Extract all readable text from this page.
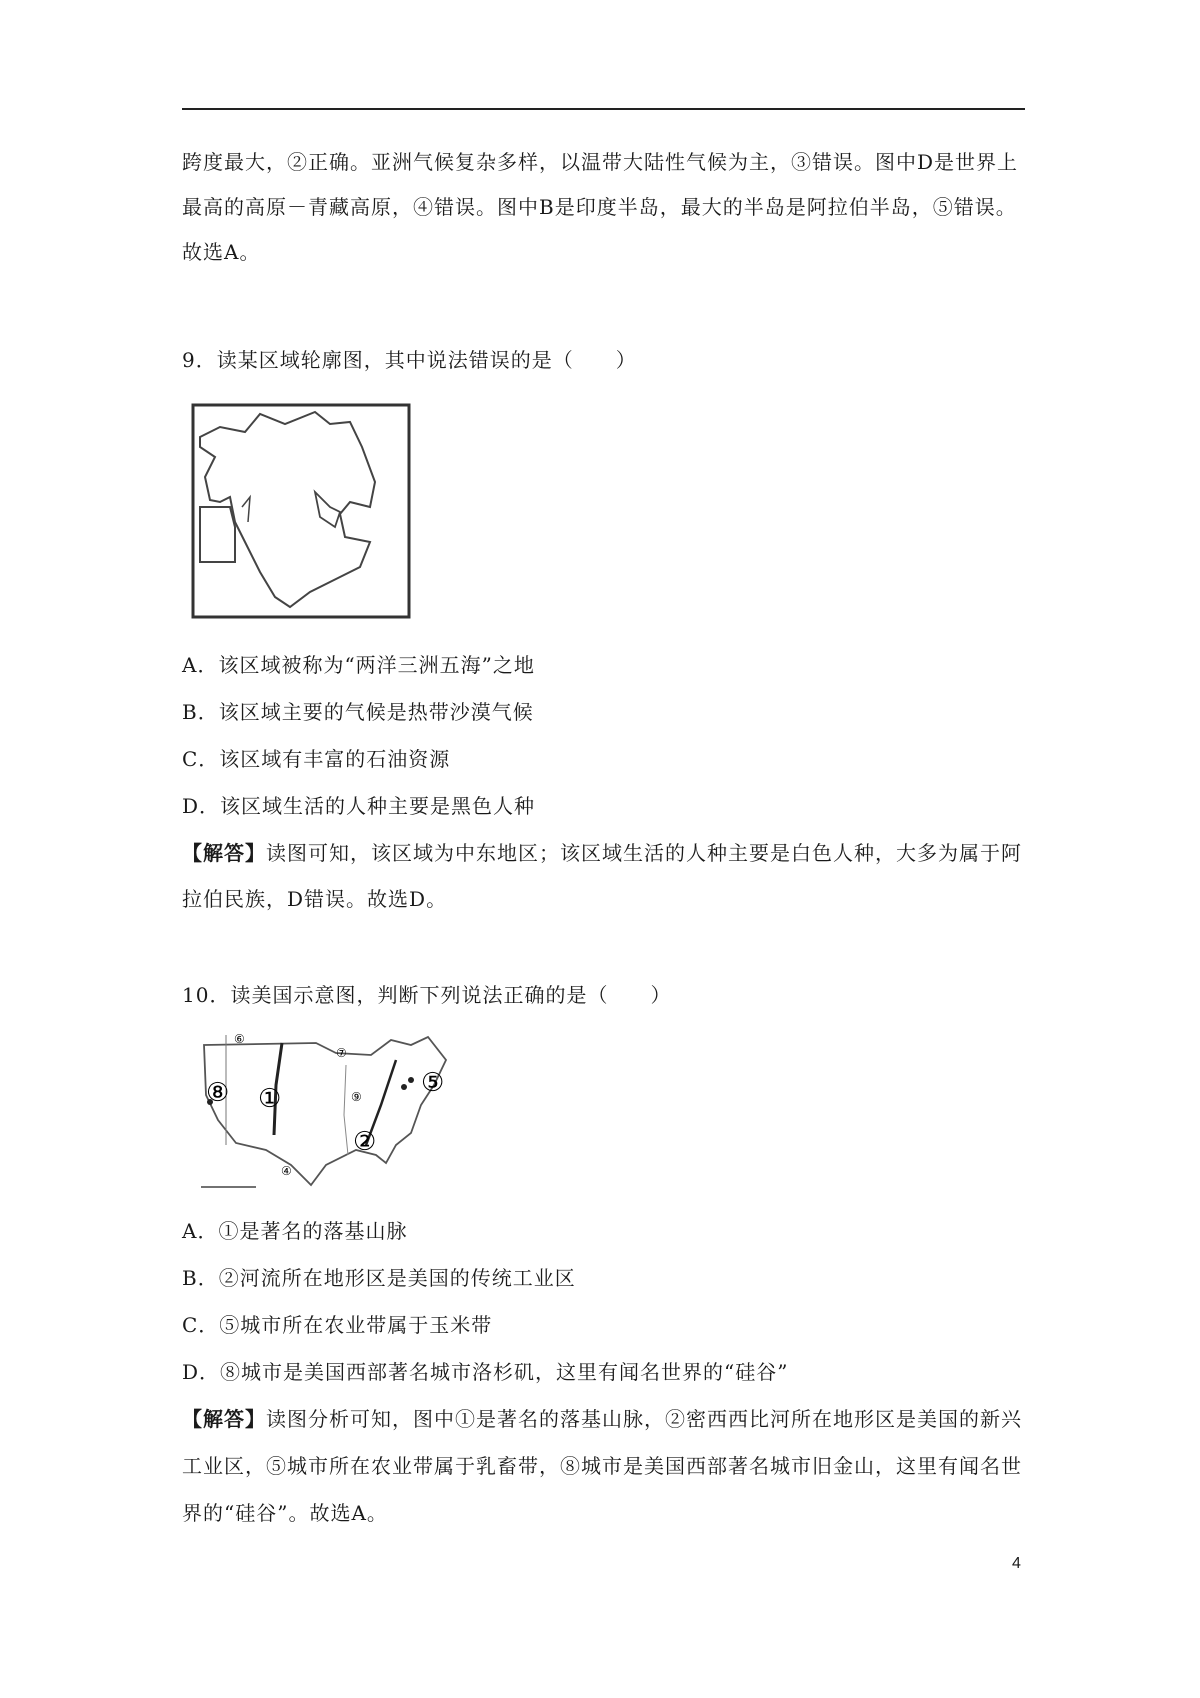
跨度最大，②正确。亚洲气候复杂多样，以温带大陆性气候为主，③错误。图中D是世界上
最高的高原－青藏高原，④错误。图中B是印度半岛，最大的半岛是阿拉伯半岛，⑤错误。
故选A。
9．读某区域轮廓图，其中说法错误的是（　　）
A．该区域被称为“两洋三洲五海”之地
B．该区域主要的气候是热带沙漠气候
C．该区域有丰富的石油资源
D．该区域生活的人种主要是黑色人种
【解答】读图可知，该区域为中东地区；该区域生活的人种主要是白色人种，大多为属于阿
拉伯民族，D错误。故选D。
10．读美国示意图，判断下列说法正确的是（　　）
⑧ ①
⑤
②
⑦
⑥
⑨
④
A．①是著名的落基山脉
B．②河流所在地形区是美国的传统工业区
C．⑤城市所在农业带属于玉米带
D．⑧城市是美国西部著名城市洛杉矶，这里有闻名世界的“硅谷”
【解答】读图分析可知，图中①是著名的落基山脉，②密西西比河所在地形区是美国的新兴
工业区，⑤城市所在农业带属于乳畜带，⑧城市是美国西部著名城市旧金山，这里有闻名世
界的“硅谷”。故选A。
4
